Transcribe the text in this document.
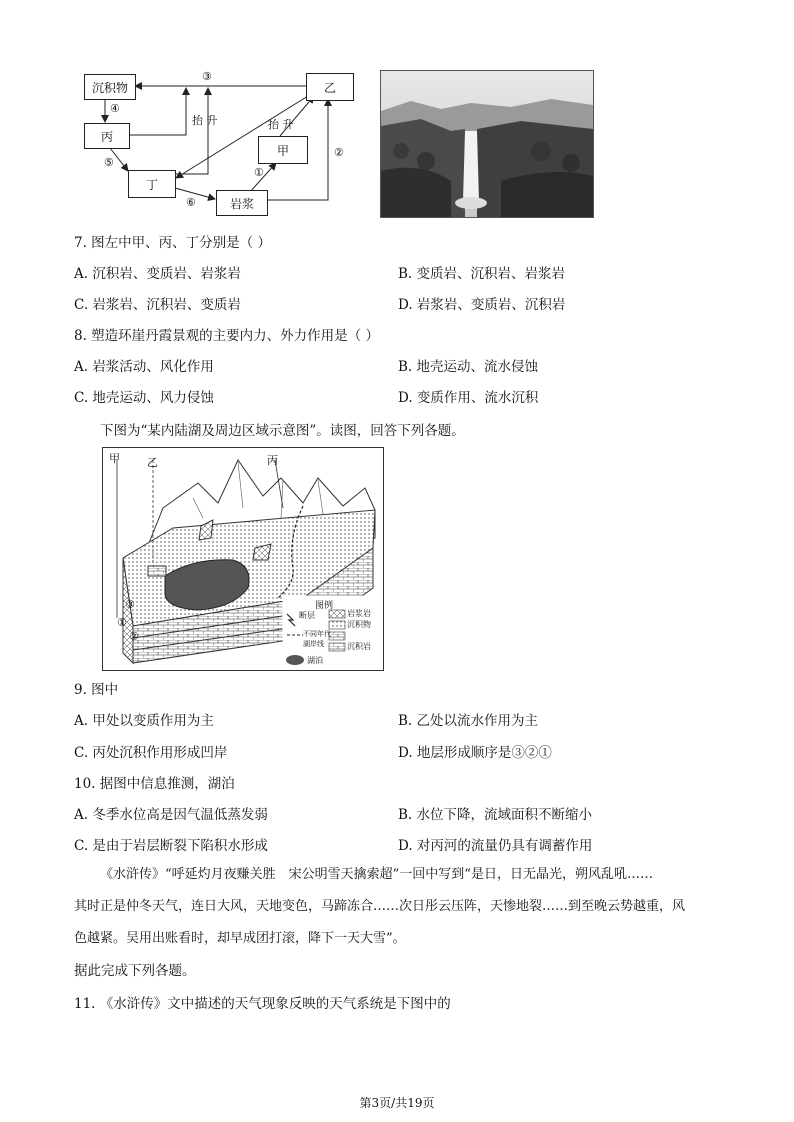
沉积物
丙
丁
甲
乙
岩浆
③
④
⑤
⑥
①
②
抬 升	抬 升
7. 图左中甲、丙、丁分别是（ ）
A. 沉积岩、变质岩、岩浆岩	B. 变质岩、沉积岩、岩浆岩
C. 岩浆岩、沉积岩、变质岩	D. 岩浆岩、变质岩、沉积岩
8. 塑造环崖丹霞景观的主要内力、外力作用是（ ）
A. 岩浆活动、风化作用	B. 地壳运动、流水侵蚀
C. 地壳运动、风力侵蚀	D. 变质作用、流水沉积
下图为“某内陆湖及周边区域示意图”。读图，回答下列各题。
甲 乙	丙
③
①
②
图例
断层	岩浆岩
沉积物
不同年代
湖岸线	沉积岩
湖泊
9. 图中
A. 甲处以变质作用为主	B. 乙处以流水作用为主
C. 丙处沉积作用形成凹岸	D. 地层形成顺序是③②①
10. 据图中信息推测，湖泊
A. 冬季水位高是因气温低蒸发弱	B. 水位下降，流域面积不断缩小
C. 是由于岩层断裂下陷积水形成	D. 对丙河的流量仍具有调蓄作用
《水浒传》“呼延灼月夜赚关胜　宋公明雪天擒索超”一回中写到“是日，日无晶光，朔风乱吼……
其时正是仲冬天气，连日大风，天地变色，马蹄冻合……次日彤云压阵，天惨地裂……到至晚云势越重，风
色越紧。吴用出账看时，却早成团打滚，降下一天大雪”。
据此完成下列各题。
11. 《水浒传》文中描述的天气现象反映的天气系统是下图中的
第3页/共19页
